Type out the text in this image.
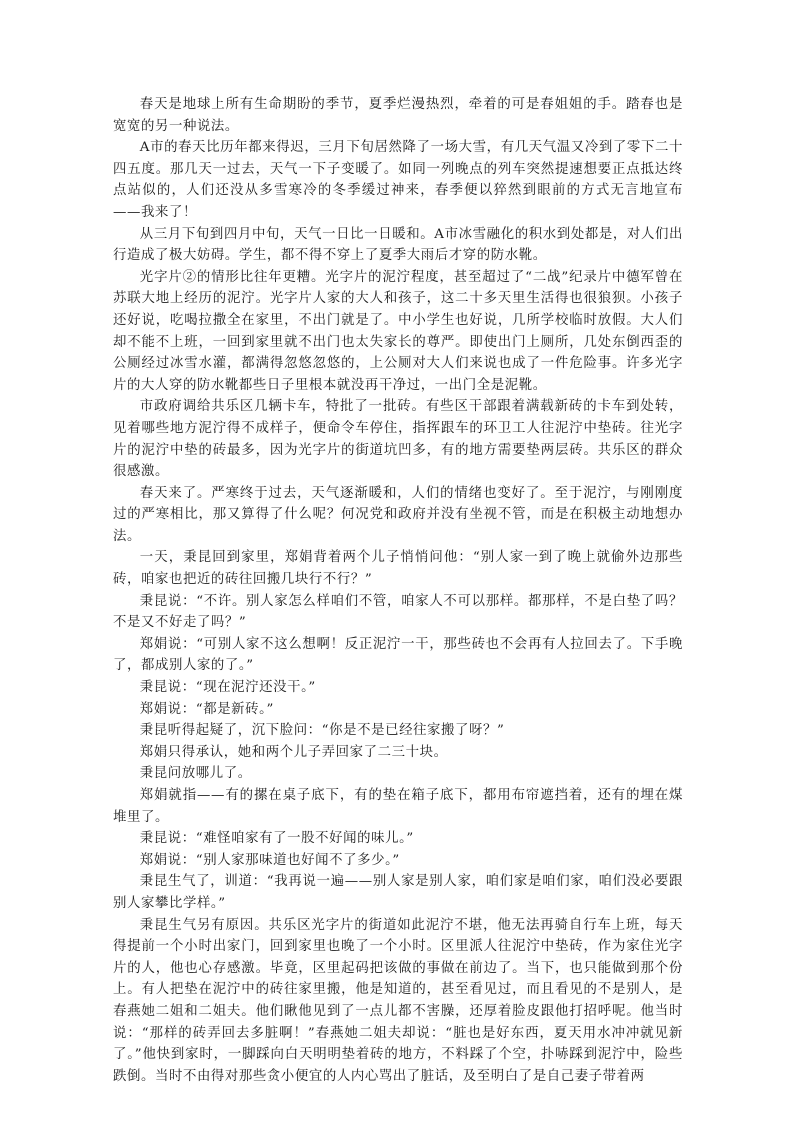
春天是地球上所有生命期盼的季节，夏季烂漫热烈，牵着的可是春姐姐的手。踏春也是宽宽的另一种说法。

A市的春天比历年都来得迟，三月下旬居然降了一场大雪，有几天气温又冷到了零下二十四五度。那几天一过去，天气一下子变暖了。如同一列晚点的列车突然提速想要正点抵达终点站似的，人们还没从多雪寒冷的冬季缓过神来，春季便以猝然到眼前的方式无言地宣布——我来了！

从三月下旬到四月中旬，天气一日比一日暖和。A市冰雪融化的积水到处都是，对人们出行造成了极大妨碍。学生，都不得不穿上了夏季大雨后才穿的防水靴。

光字片②的情形比往年更糟。光字片的泥泞程度，甚至超过了“二战”纪录片中德军曾在苏联大地上经历的泥泞。光字片人家的大人和孩子，这二十多天里生活得也很狼狈。小孩子还好说，吃喝拉撒全在家里，不出门就是了。中小学生也好说，几所学校临时放假。大人们却不能不上班，一回到家里就不出门也太失家长的尊严。即使出门上厕所，几处东倒西歪的公厕经过冰雪水灌，都满得忽悠忽悠的，上公厕对大人们来说也成了一件危险事。许多光字片的大人穿的防水靴都些日子里根本就没再干净过，一出门全是泥靴。

市政府调给共乐区几辆卡车，特批了一批砖。有些区干部跟着满载新砖的卡车到处转，见着哪些地方泥泞得不成样子，便命令车停住，指挥跟车的环卫工人往泥泞中垫砖。往光字片的泥泞中垫的砖最多，因为光字片的街道坑凹多，有的地方需要垫两层砖。共乐区的群众很感激。

春天来了。严寒终于过去，天气逐渐暖和，人们的情绪也变好了。至于泥泞，与刚刚度过的严寒相比，那又算得了什么呢？何况党和政府并没有坐视不管，而是在积极主动地想办法。

一天，秉昆回到家里，郑娟背着两个儿子悄悄问他：“别人家一到了晚上就偷外边那些砖，咱家也把近的砖往回搬几块行不行？”

秉昆说：“不许。别人家怎么样咱们不管，咱家人不可以那样。都那样，不是白垫了吗？不是又不好走了吗？”

郑娟说：“可别人家不这么想啊！反正泥泞一干，那些砖也不会再有人拉回去了。下手晚了，都成别人家的了。”

秉昆说：“现在泥泞还没干。”

郑娟说：“都是新砖。”

秉昆听得起疑了，沉下脸问：“你是不是已经往家搬了呀？”

郑娟只得承认，她和两个儿子弄回家了二三十块。

秉昆问放哪儿了。

郑娟就指——有的摞在桌子底下，有的垫在箱子底下，都用布帘遮挡着，还有的埋在煤堆里了。

秉昆说：“难怪咱家有了一股不好闻的味儿。”

郑娟说：“别人家那味道也好闻不了多少。”

秉昆生气了，训道：“我再说一遍——别人家是别人家，咱们家是咱们家，咱们没必要跟别人家攀比学样。”

秉昆生气另有原因。共乐区光字片的街道如此泥泞不堪，他无法再骑自行车上班，每天得提前一个小时出家门，回到家里也晚了一个小时。区里派人往泥泞中垫砖，作为家住光字片的人，他也心存感激。毕竟，区里起码把该做的事做在前边了。当下，也只能做到那个份上。有人把垫在泥泞中的砖往家里搬，他是知道的，甚至看见过，而且看见的不是别人，是春燕她二姐和二姐夫。他们瞅他见到了一点儿都不害臊，还厚着脸皮跟他打招呼呢。他当时说：“那样的砖弄回去多脏啊！”春燕她二姐夫却说：“脏也是好东西，夏天用水冲冲就见新了。”他快到家时，一脚踩向白天明明垫着砖的地方，不料踩了个空，扑哧踩到泥泞中，险些跌倒。当时不由得对那些贪小便宜的人内心骂出了脏话，及至明白了是自己妻子带着两
